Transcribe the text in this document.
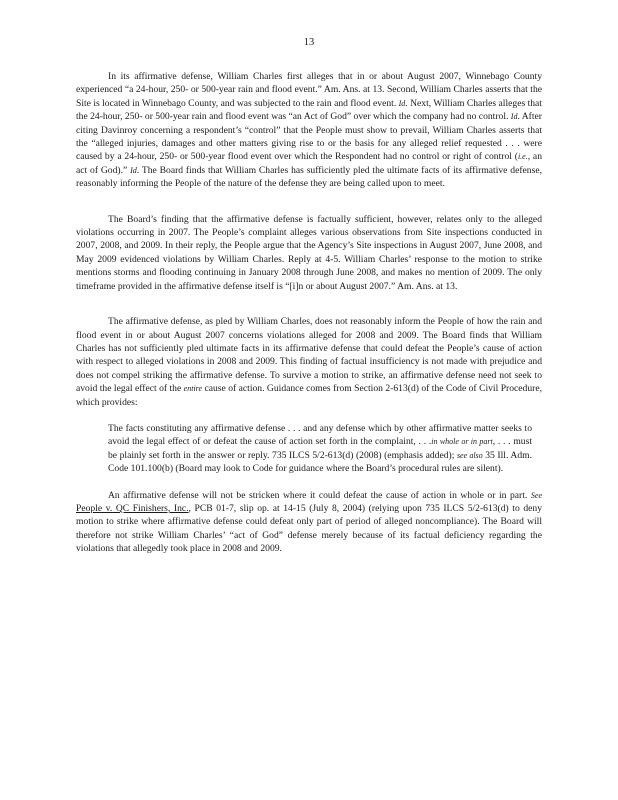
13

In its affirmative defense, William Charles first alleges that in or about August 2007, Winnebago County experienced “a 24-hour, 250- or 500-year rain and flood event.” Am. Ans. at 13. Second, William Charles asserts that the Site is located in Winnebago County, and was subjected to the rain and flood event. Id. Next, William Charles alleges that the 24-hour, 250- or 500-year rain and flood event was “an Act of God” over which the company had no control. Id. After citing Davinroy concerning a respondent’s “control” that the People must show to prevail, William Charles asserts that the “alleged injuries, damages and other matters giving rise to or the basis for any alleged relief requested . . . were caused by a 24-hour, 250- or 500-year flood event over which the Respondent had no control or right of control (i.e., an act of God).” Id. The Board finds that William Charles has sufficiently pled the ultimate facts of its affirmative defense, reasonably informing the People of the nature of the defense they are being called upon to meet.

The Board’s finding that the affirmative defense is factually sufficient, however, relates only to the alleged violations occurring in 2007. The People’s complaint alleges various observations from Site inspections conducted in 2007, 2008, and 2009. In their reply, the People argue that the Agency’s Site inspections in August 2007, June 2008, and May 2009 evidenced violations by William Charles. Reply at 4-5. William Charles’ response to the motion to strike mentions storms and flooding continuing in January 2008 through June 2008, and makes no mention of 2009. The only timeframe provided in the affirmative defense itself is “[i]n or about August 2007.” Am. Ans. at 13.

The affirmative defense, as pled by William Charles, does not reasonably inform the People of how the rain and flood event in or about August 2007 concerns violations alleged for 2008 and 2009. The Board finds that William Charles has not sufficiently pled ultimate facts in its affirmative defense that could defeat the People’s cause of action with respect to alleged violations in 2008 and 2009. This finding of factual insufficiency is not made with prejudice and does not compel striking the affirmative defense. To survive a motion to strike, an affirmative defense need not seek to avoid the legal effect of the entire cause of action. Guidance comes from Section 2-613(d) of the Code of Civil Procedure, which provides:

The facts constituting any affirmative defense . . . and any defense which by other affirmative matter seeks to avoid the legal effect of or defeat the cause of action set forth in the complaint, . . .in whole or in part, . . . must be plainly set forth in the answer or reply. 735 ILCS 5/2-613(d) (2008) (emphasis added); see also 35 Ill. Adm. Code 101.100(b) (Board may look to Code for guidance where the Board’s procedural rules are silent).

An affirmative defense will not be stricken where it could defeat the cause of action in whole or in part. See People v. QC Finishers, Inc., PCB 01-7, slip op. at 14-15 (July 8, 2004) (relying upon 735 ILCS 5/2-613(d) to deny motion to strike where affirmative defense could defeat only part of period of alleged noncompliance). The Board will therefore not strike William Charles’ “act of God” defense merely because of its factual deficiency regarding the violations that allegedly took place in 2008 and 2009.
